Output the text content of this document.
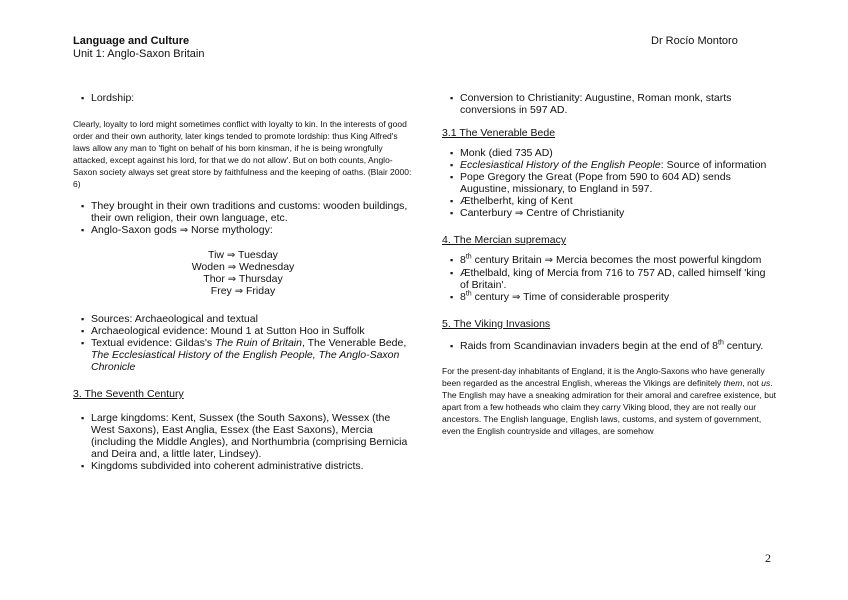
Language and Culture
Unit 1: Anglo-Saxon Britain
Dr Rocío Montoro
▪ Lordship:
Clearly, loyalty to lord might sometimes conflict with loyalty to kin. In the interests of good order and their own authority, later kings tended to promote lordship: thus King Alfred's laws allow any man to 'fight on behalf of his born kinsman, if he is being wrongfully attacked, except against his lord, for that we do not allow'. But on both counts, Anglo-Saxon society always set great store by faithfulness and the keeping of oaths. (Blair 2000: 6)
▪ They brought in their own traditions and customs: wooden buildings, their own religion, their own language, etc.
▪ Anglo-Saxon gods ⇒ Norse mythology:
Tiw ⇒ Tuesday
Woden ⇒ Wednesday
Thor ⇒ Thursday
Frey ⇒ Friday
▪ Sources: Archaeological and textual
▪ Archaeological evidence: Mound 1 at Sutton Hoo in Suffolk
▪ Textual evidence: Gildas's The Ruin of Britain, The Venerable Bede, The Ecclesiastical History of the English People, The Anglo-Saxon Chronicle
3. The Seventh Century
▪ Large kingdoms: Kent, Sussex (the South Saxons), Wessex (the West Saxons), East Anglia, Essex (the East Saxons), Mercia (including the Middle Angles), and Northumbria (comprising Bernicia and Deira and, a little later, Lindsey).
▪ Kingdoms subdivided into coherent administrative districts.
▪ Conversion to Christianity: Augustine, Roman monk, starts conversions in 597 AD.
3.1 The Venerable Bede
▪ Monk (died 735 AD)
▪ Ecclesiastical History of the English People: Source of information
▪ Pope Gregory the Great (Pope from 590 to 604 AD) sends Augustine, missionary, to England in 597.
▪ Æthelberht, king of Kent
▪ Canterbury ⇒ Centre of Christianity
4. The Mercian supremacy
▪ 8th century Britain ⇒ Mercia becomes the most powerful kingdom
▪ Æthelbald, king of Mercia from 716 to 757 AD, called himself 'king of Britain'.
▪ 8th century ⇒ Time of considerable prosperity
5. The Viking Invasions
▪ Raids from Scandinavian invaders begin at the end of 8th century.
For the present-day inhabitants of England, it is the Anglo-Saxons who have generally been regarded as the ancestral English, whereas the Vikings are definitely them, not us. The English may have a sneaking admiration for their amoral and carefree existence, but apart from a few hotheads who claim they carry Viking blood, they are not really our ancestors. The English language, English laws, customs, and system of government, even the English countryside and villages, are somehow
2
